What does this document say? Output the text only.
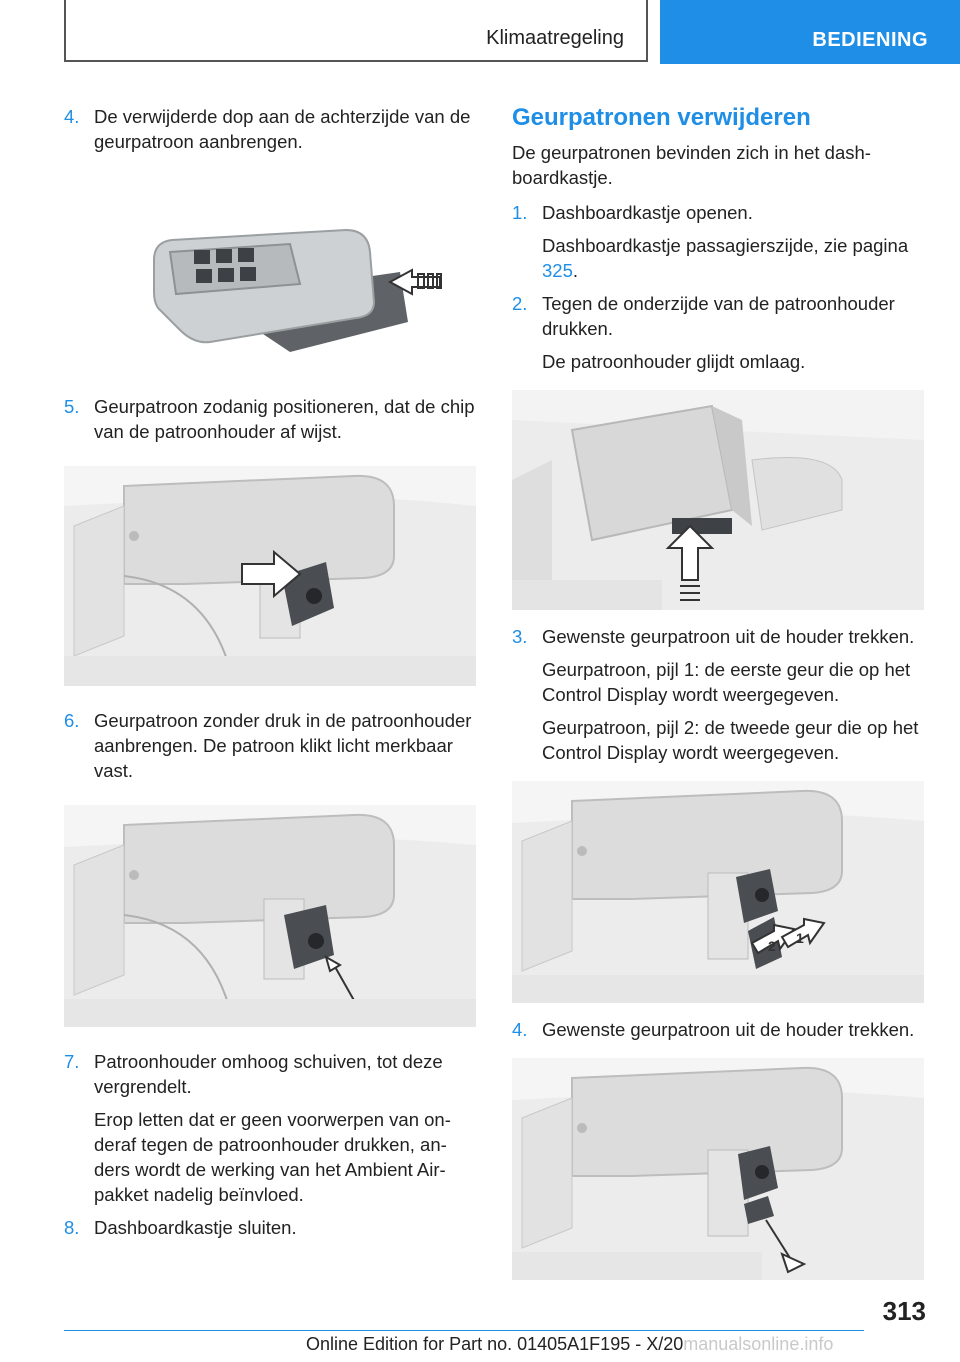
Klimaatregeling	BEDIENING
4. De verwijderde dop aan de achterzijde van de geurpatroon aanbrengen.
5. Geurpatroon zodanig positioneren, dat de chip van de patroonhouder af wijst.
6. Geurpatroon zonder druk in de patroonhouder aanbrengen. De patroon klikt licht merkbaar vast.
7. Patroonhouder omhoog schuiven, tot deze vergrendelt.
Erop letten dat er geen voorwerpen van onderaf tegen de patroonhouder drukken, anders wordt de werking van het Ambient Air-pakket nadelig beïnvloed.
8. Dashboardkastje sluiten.
Geurpatronen verwijderen
De geurpatronen bevinden zich in het dashboardkastje.
1. Dashboardkastje openen.
Dashboardkastje passagierszijde, zie pagina 325.
2. Tegen de onderzijde van de patroonhouder drukken.
De patroonhouder glijdt omlaag.
3. Gewenste geurpatroon uit de houder trekken.
Geurpatroon, pijl 1: de eerste geur die op het Control Display wordt weergegeven.
Geurpatroon, pijl 2: de tweede geur die op het Control Display wordt weergegeven.
2 1
4. Gewenste geurpatroon uit de houder trekken.
313
Online Edition for Part no. 01405A1F195 - X/20manualsonline.info
